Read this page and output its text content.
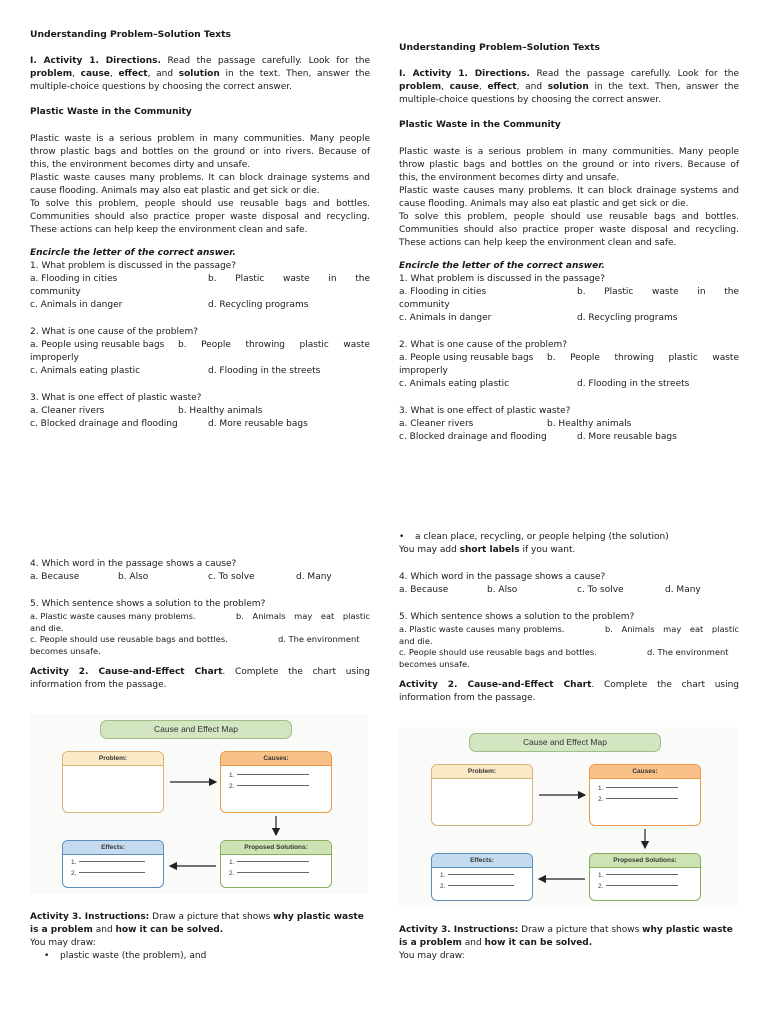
Understanding Problem–Solution Texts
I. Activity 1. Directions. Read the passage carefully. Look for the problem, cause, effect, and solution in the text. Then, answer the multiple-choice questions by choosing the correct answer.
Plastic Waste in the Community
Plastic waste is a serious problem in many communities. Many people throw plastic bags and bottles on the ground or into rivers. Because of this, the environment becomes dirty and unsafe.
Plastic waste causes many problems. It can block drainage systems and cause flooding. Animals may also eat plastic and get sick or die.
To solve this problem, people should use reusable bags and bottles. Communities should also practice proper waste disposal and recycling. These actions can help keep the environment clean and safe.
Encircle the letter of the correct answer.
1. What problem is discussed in the passage?
a. Flooding in cities	b. Plastic waste in the
community
c. Animals in danger	d. Recycling programs
2. What is one cause of the problem?
a. People using reusable bags b. People throwing plastic waste
improperly
c. Animals eating plastic	d. Flooding in the streets
3. What is one effect of plastic waste?
a. Cleaner rivers	b. Healthy animals
c. Blocked drainage and flooding	d. More reusable bags
4. Which word in the passage shows a cause?
a. Because	b. Also	c. To solve	d. Many
5. Which sentence shows a solution to the problem?
a. Plastic waste causes many problems.	b. Animals may eat plastic
and die.
c. People should use reusable bags and bottles.	d. The environment
becomes unsafe.
Activity 2. Cause-and-Effect Chart. Complete the chart using information from the passage.
Cause and Effect Map
Problem:	Causes:
1.
2.
Effects:
1.
2.
Proposed Solutions:
1.
2.
Activity 3. Instructions: Draw a picture that shows why plastic waste is a problem and how it can be solved.
You may draw:
• plastic waste (the problem), and
Understanding Problem–Solution Texts
I. Activity 1. Directions. Read the passage carefully. Look for the problem, cause, effect, and solution in the text. Then, answer the multiple-choice questions by choosing the correct answer.
Plastic Waste in the Community
Plastic waste is a serious problem in many communities. Many people throw plastic bags and bottles on the ground or into rivers. Because of this, the environment becomes dirty and unsafe.
Plastic waste causes many problems. It can block drainage systems and cause flooding. Animals may also eat plastic and get sick or die.
To solve this problem, people should use reusable bags and bottles. Communities should also practice proper waste disposal and recycling. These actions can help keep the environment clean and safe.
Encircle the letter of the correct answer.
1. What problem is discussed in the passage?
a. Flooding in cities	b. Plastic waste in the
community
c. Animals in danger	d. Recycling programs
2. What is one cause of the problem?
a. People using reusable bags b. People throwing plastic waste
improperly
c. Animals eating plastic	d. Flooding in the streets
3. What is one effect of plastic waste?
a. Cleaner rivers	b. Healthy animals
c. Blocked drainage and flooding	d. More reusable bags
• a clean place, recycling, or people helping (the solution)
You may add short labels if you want.
4. Which word in the passage shows a cause?
a. Because	b. Also	c. To solve	d. Many
5. Which sentence shows a solution to the problem?
a. Plastic waste causes many problems.	b. Animals may eat plastic
and die.
c. People should use reusable bags and bottles.	d. The environment
becomes unsafe.
Activity 2. Cause-and-Effect Chart. Complete the chart using information from the passage.
Cause and Effect Map
Problem:	Causes:
1.
2.
Effects:
1.
2.
Proposed Solutions:
1.
2.
Activity 3. Instructions: Draw a picture that shows why plastic waste is a problem and how it can be solved.
You may draw:
